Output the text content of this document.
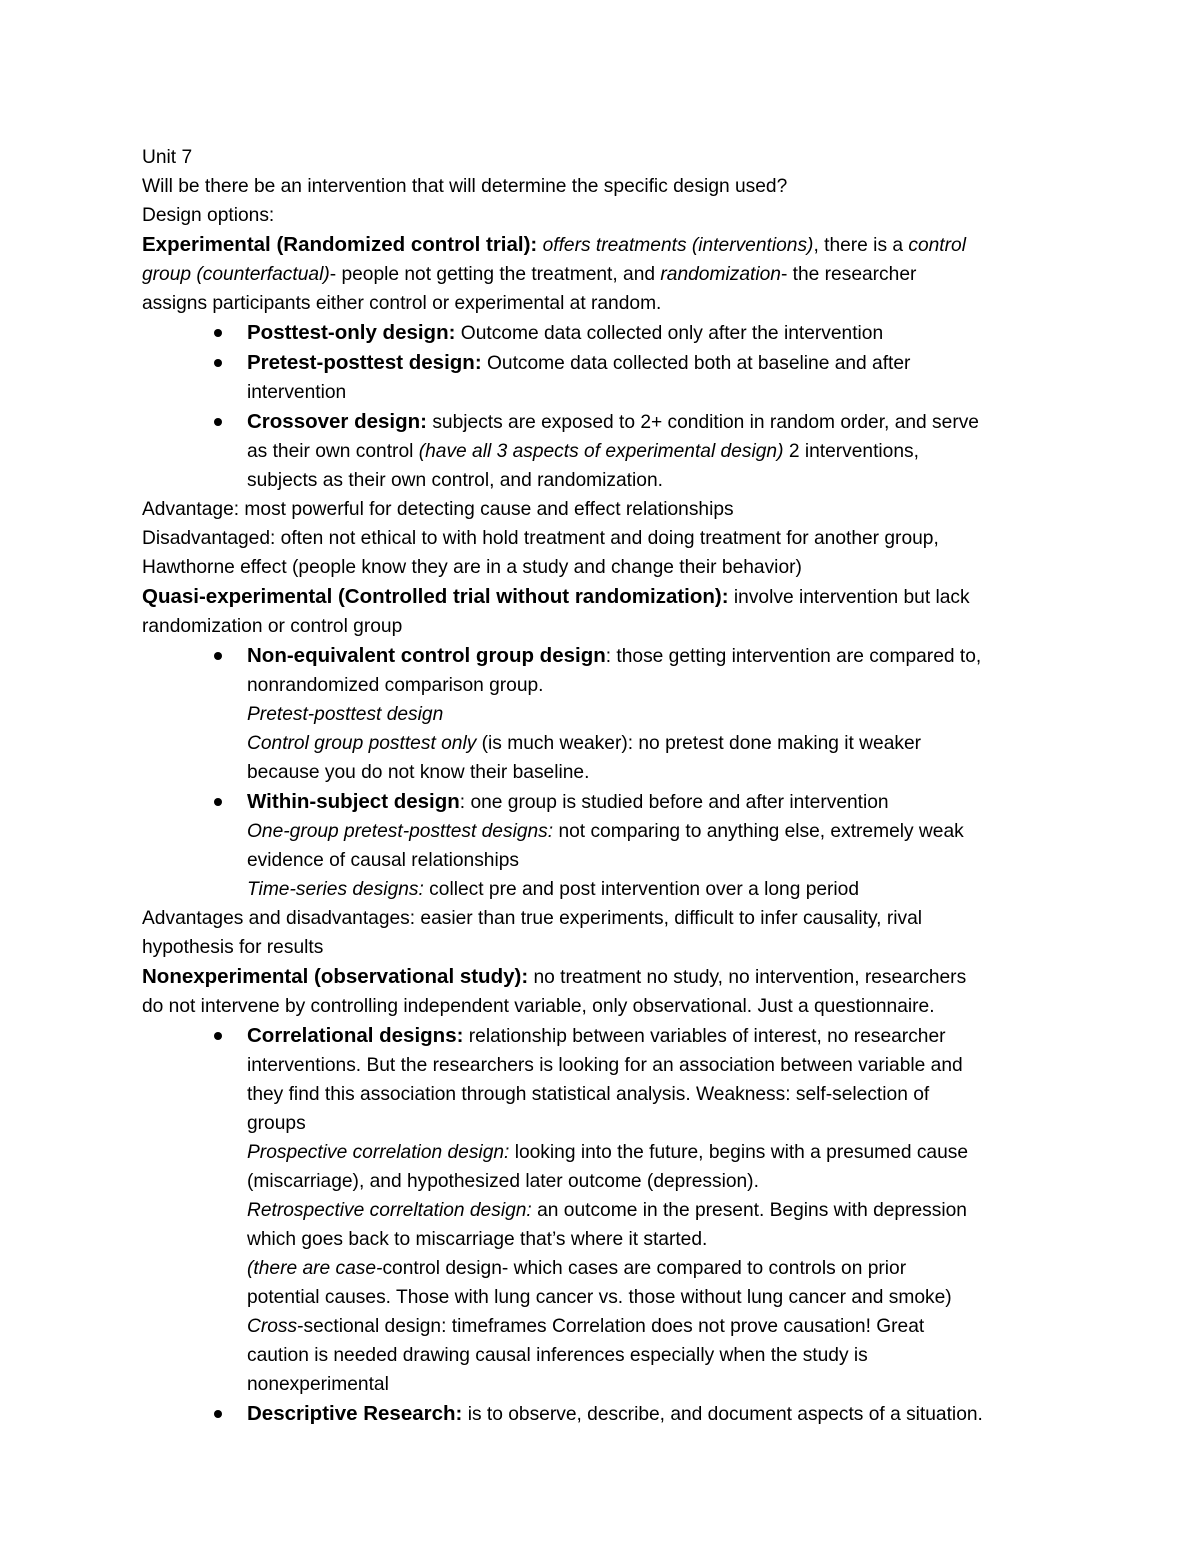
Unit 7
Will be there be an intervention that will determine the specific design used?
Design options:
Experimental (Randomized control trial): offers treatments (interventions), there is a control
group (counterfactual)- people not getting the treatment, and randomization- the researcher
assigns participants either control or experimental at random.
Posttest-only design: Outcome data collected only after the intervention
Pretest-posttest design: Outcome data collected both at baseline and after
intervention
Crossover design: subjects are exposed to 2+ condition in random order, and serve
as their own control (have all 3 aspects of experimental design) 2 interventions,
subjects as their own control, and randomization.
Advantage: most powerful for detecting cause and effect relationships
Disadvantaged: often not ethical to with hold treatment and doing treatment for another group,
Hawthorne effect (people know they are in a study and change their behavior)
Quasi-experimental (Controlled trial without randomization): involve intervention but lack
randomization or control group
Non-equivalent control group design: those getting intervention are compared to,
nonrandomized comparison group.
Pretest-posttest design
Control group posttest only (is much weaker): no pretest done making it weaker
because you do not know their baseline.
Within-subject design: one group is studied before and after intervention
One-group pretest-posttest designs: not comparing to anything else, extremely weak
evidence of causal relationships
Time-series designs: collect pre and post intervention over a long period
Advantages and disadvantages: easier than true experiments, difficult to infer causality, rival
hypothesis for results
Nonexperimental (observational study): no treatment no study, no intervention, researchers
do not intervene by controlling independent variable, only observational. Just a questionnaire.
Correlational designs: relationship between variables of interest, no researcher
interventions. But the researchers is looking for an association between variable and
they find this association through statistical analysis. Weakness: self-selection of
groups
Prospective correlation design: looking into the future, begins with a presumed cause
(miscarriage), and hypothesized later outcome (depression).
Retrospective correltation design: an outcome in the present. Begins with depression
which goes back to miscarriage that’s where it started.
(there are case-control design- which cases are compared to controls on prior
potential causes. Those with lung cancer vs. those without lung cancer and smoke)
Cross-sectional design: timeframes Correlation does not prove causation! Great
caution is needed drawing causal inferences especially when the study is
nonexperimental
Descriptive Research: is to observe, describe, and document aspects of a situation.
